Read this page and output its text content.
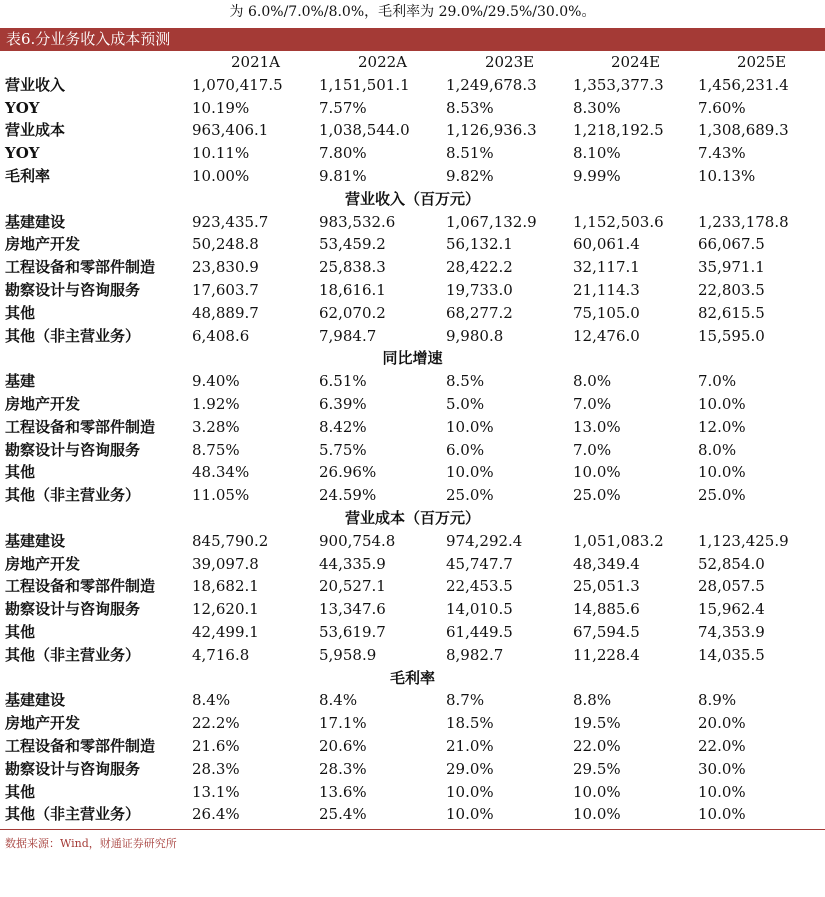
为 6.0%/7.0%/8.0%，毛利率为 29.0%/29.5%/30.0%。
表6.分业务收入成本预测
	2021A	2022A	2023E	2024E	2025E
营业收入	1,070,417.5	1,151,501.1	1,249,678.3	1,353,377.3	1,456,231.4
YOY	10.19%	7.57%	8.53%	8.30%	7.60%
营业成本	963,406.1	1,038,544.0	1,126,936.3	1,218,192.5	1,308,689.3
YOY	10.11%	7.80%	8.51%	8.10%	7.43%
毛利率	10.00%	9.81%	9.82%	9.99%	10.13%
营业收入（百万元）					
基建建设	923,435.7	983,532.6	1,067,132.9	1,152,503.6	1,233,178.8
房地产开发	50,248.8	53,459.2	56,132.1	60,061.4	66,067.5
工程设备和零部件制造	23,830.9	25,838.3	28,422.2	32,117.1	35,971.1
勘察设计与咨询服务	17,603.7	18,616.1	19,733.0	21,114.3	22,803.5
其他	48,889.7	62,070.2	68,277.2	75,105.0	82,615.5
其他（非主营业务）	6,408.6	7,984.7	9,980.8	12,476.0	15,595.0
同比增速					
基建	9.40%	6.51%	8.5%	8.0%	7.0%
房地产开发	1.92%	6.39%	5.0%	7.0%	10.0%
工程设备和零部件制造	3.28%	8.42%	10.0%	13.0%	12.0%
勘察设计与咨询服务	8.75%	5.75%	6.0%	7.0%	8.0%
其他	48.34%	26.96%	10.0%	10.0%	10.0%
其他（非主营业务）	11.05%	24.59%	25.0%	25.0%	25.0%
营业成本（百万元）					
基建建设	845,790.2	900,754.8	974,292.4	1,051,083.2	1,123,425.9
房地产开发	39,097.8	44,335.9	45,747.7	48,349.4	52,854.0
工程设备和零部件制造	18,682.1	20,527.1	22,453.5	25,051.3	28,057.5
勘察设计与咨询服务	12,620.1	13,347.6	14,010.5	14,885.6	15,962.4
其他	42,499.1	53,619.7	61,449.5	67,594.5	74,353.9
其他（非主营业务）	4,716.8	5,958.9	8,982.7	11,228.4	14,035.5
毛利率					
基建建设	8.4%	8.4%	8.7%	8.8%	8.9%
房地产开发	22.2%	17.1%	18.5%	19.5%	20.0%
工程设备和零部件制造	21.6%	20.6%	21.0%	22.0%	22.0%
勘察设计与咨询服务	28.3%	28.3%	29.0%	29.5%	30.0%
其他	13.1%	13.6%	10.0%	10.0%	10.0%
其他（非主营业务）	26.4%	25.4%	10.0%	10.0%	10.0%
数据来源：Wind，财通证券研究所
